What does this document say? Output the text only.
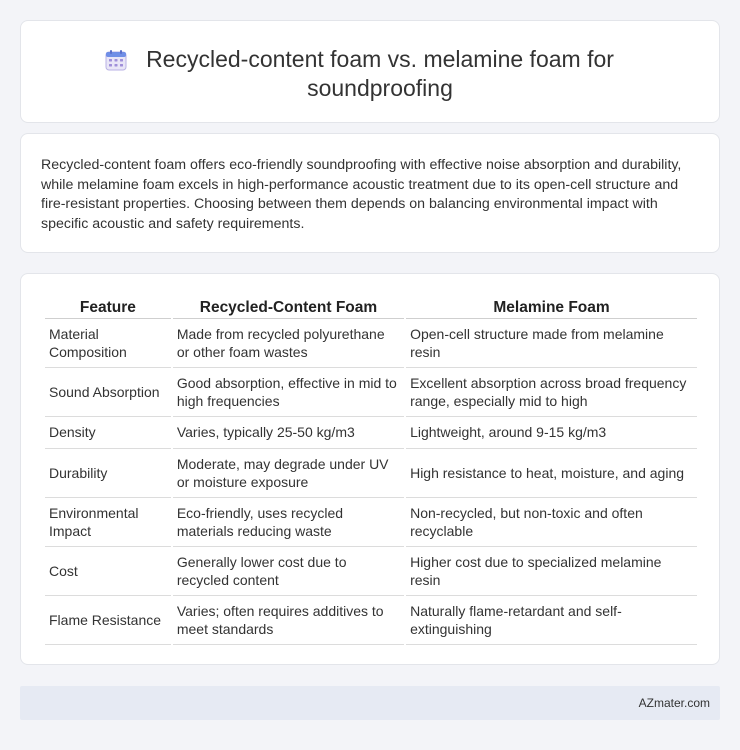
Recycled-content foam vs. melamine foam for soundproofing

Recycled-content foam offers eco-friendly soundproofing with effective noise absorption and durability, while melamine foam excels in high-performance acoustic treatment due to its open-cell structure and fire-resistant properties. Choosing between them depends on balancing environmental impact with specific acoustic and safety requirements.

Feature	Recycled-Content Foam	Melamine Foam
Material Composition	Made from recycled polyurethane or other foam wastes	Open-cell structure made from melamine resin
Sound Absorption	Good absorption, effective in mid to high frequencies	Excellent absorption across broad frequency range, especially mid to high
Density	Varies, typically 25-50 kg/m3	Lightweight, around 9-15 kg/m3
Durability	Moderate, may degrade under UV or moisture exposure	High resistance to heat, moisture, and aging
Environmental Impact	Eco-friendly, uses recycled materials reducing waste	Non-recycled, but non-toxic and often recyclable
Cost	Generally lower cost due to recycled content	Higher cost due to specialized melamine resin
Flame Resistance	Varies; often requires additives to meet standards	Naturally flame-retardant and self-extinguishing
AZmater.com
